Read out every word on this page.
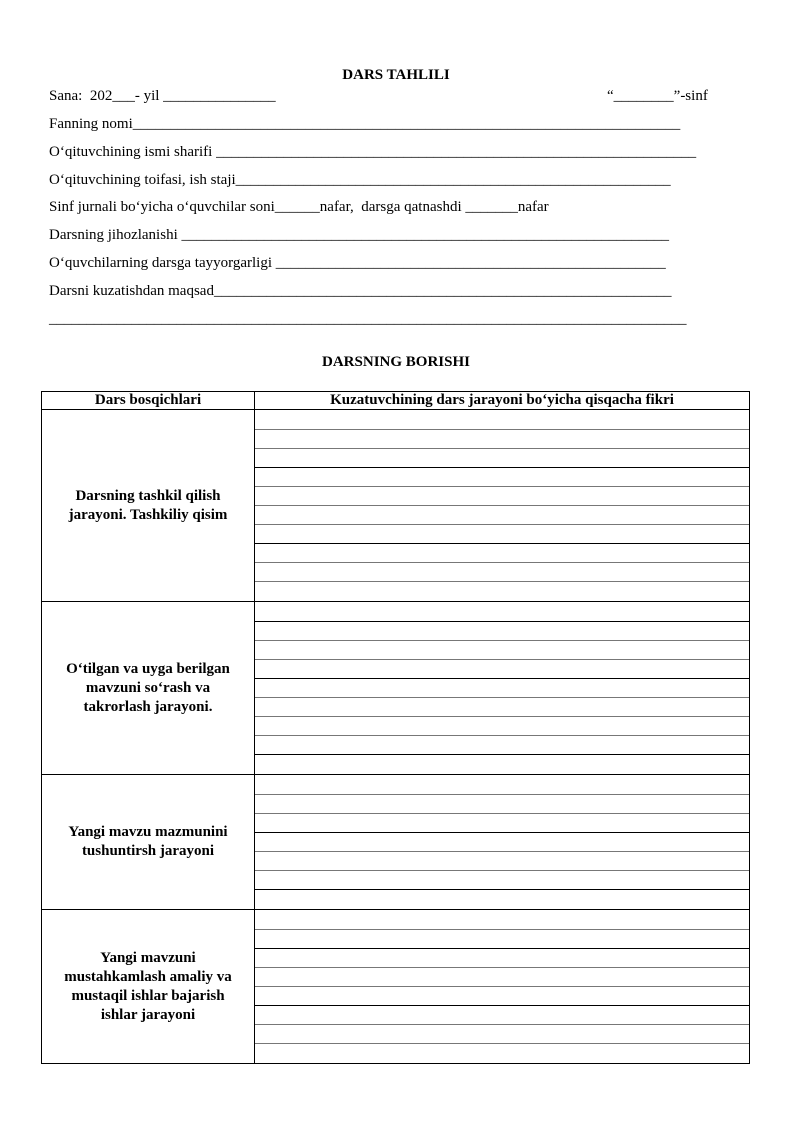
DARS TAHLILI
Sana:  202___- yil _______________	“________”-sinf
Fanning nomi_________________________________________________________________________
O‘qituvchining ismi sharifi ________________________________________________________________
O‘qituvchining toifasi, ish staji__________________________________________________________
Sinf jurnali bo‘yicha o‘quvchilar soni______nafar,  darsga qatnashdi _______nafar
Darsning jihozlanishi _________________________________________________________________
O‘quvchilarning darsga tayyorgarligi ____________________________________________________
Darsni kuzatishdan maqsad_____________________________________________________________
_____________________________________________________________________________________
DARSNING BORISHI
Dars bosqichlari	Kuzatuvchining dars jarayoni bo‘yicha qisqacha fikri
Darsning tashkil qilish jarayoni. Tashkiliy qisim	

O‘tilgan va uyga berilgan mavzuni so‘rash va takrorlash jarayoni.	

Yangi mavzu mazmunini tushuntirsh jarayoni	

Yangi mavzuni mustahkamlash amaliy va mustaqil ishlar bajarish ishlar jarayoni	
